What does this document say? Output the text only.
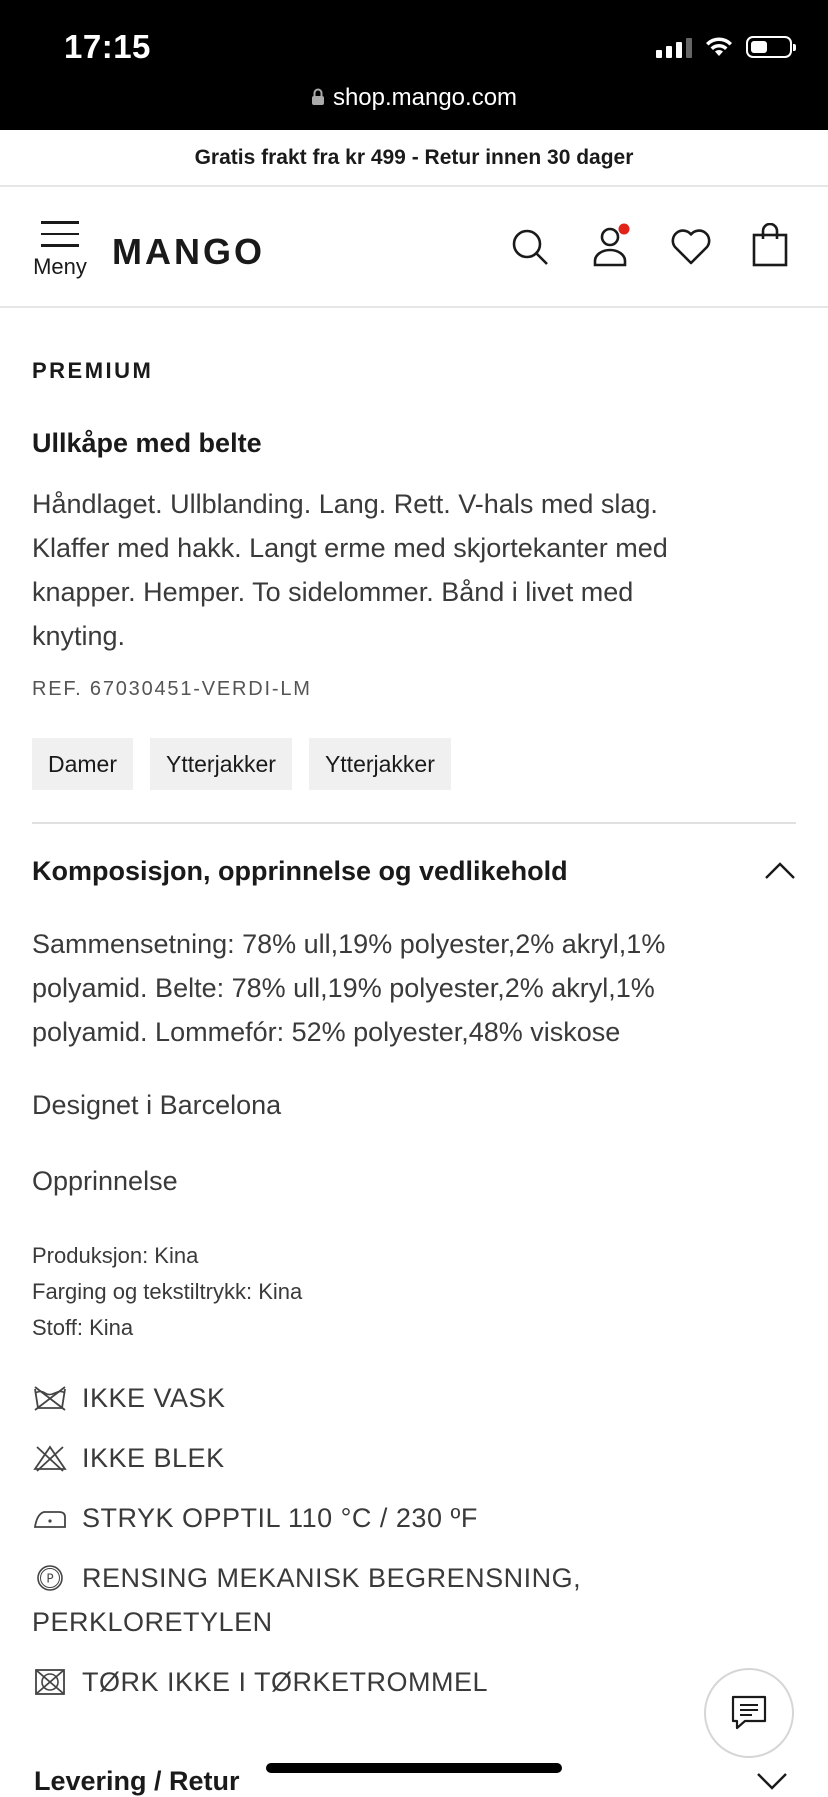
17:15
shop.mango.com
Gratis frakt fra kr 499 - Retur innen 30 dager
Meny MANGO
PREMIUM
Ullkåpe med belte
Håndlaget. Ullblanding. Lang. Rett. V-hals med slag.
Klaffer med hakk. Langt erme med skjortekanter med
knapper. Hemper. To sidelommer. Bånd i livet med
knyting.
REF. 67030451-VERDI-LM
Damer	Ytterjakker	Ytterjakker
Komposisjon, opprinnelse og vedlikehold
Sammensetning: 78% ull,19% polyester,2% akryl,1%
polyamid. Belte: 78% ull,19% polyester,2% akryl,1%
polyamid. Lommefór: 52% polyester,48% viskose
Designet i Barcelona
Opprinnelse
Produksjon: Kina
Farging og tekstiltrykk: Kina
Stoff: Kina
IKKE VASK
IKKE BLEK
STRYK OPPTIL 110 °C / 230 ºF
P RENSING MEKANISK BEGRENSNING,
PERKLORETYLEN
TØRK IKKE I TØRKETROMMEL
Levering / Retur
